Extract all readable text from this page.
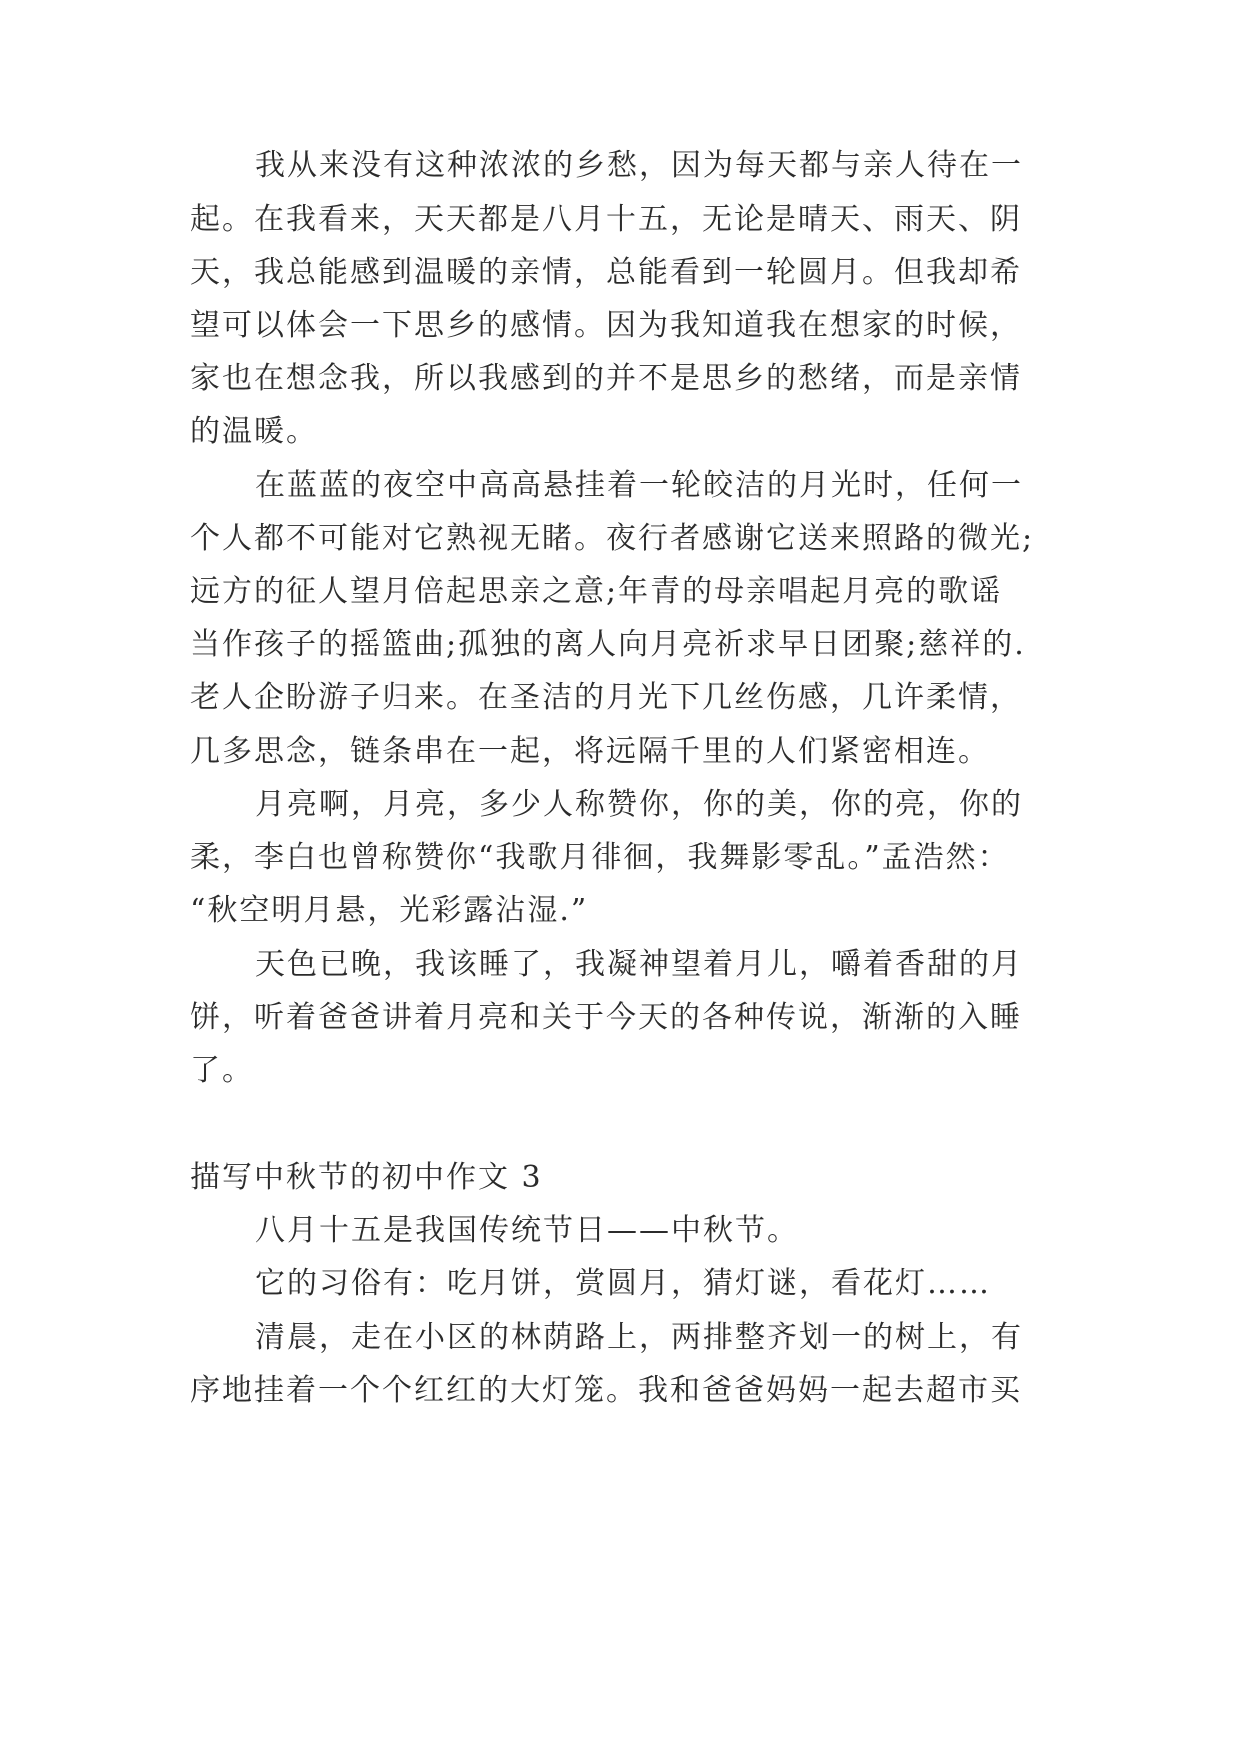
我从来没有这种浓浓的乡愁，因为每天都与亲人待在一
起。在我看来，天天都是八月十五，无论是晴天、雨天、阴
天，我总能感到温暖的亲情，总能看到一轮圆月。但我却希
望可以体会一下思乡的感情。因为我知道我在想家的时候，
家也在想念我，所以我感到的并不是思乡的愁绪，而是亲情
的温暖。
在蓝蓝的夜空中高高悬挂着一轮皎洁的月光时，任何一
个人都不可能对它熟视无睹。夜行者感谢它送来照路的微光;
远方的征人望月倍起思亲之意;年青的母亲唱起月亮的歌谣
当作孩子的摇篮曲;孤独的离人向月亮祈求早日团聚;慈祥的.
老人企盼游子归来。在圣洁的月光下几丝伤感，几许柔情，
几多思念，链条串在一起，将远隔千里的人们紧密相连。
月亮啊，月亮，多少人称赞你，你的美，你的亮，你的
柔，李白也曾称赞你“我歌月徘徊，我舞影零乱。”孟浩然：
“秋空明月悬，光彩露沾湿.”
天色已晚，我该睡了，我凝神望着月儿，嚼着香甜的月
饼，听着爸爸讲着月亮和关于今天的各种传说，渐渐的入睡
了。
描写中秋节的初中作文 3
八月十五是我国传统节日——中秋节。
它的习俗有：吃月饼，赏圆月，猜灯谜，看花灯……
清晨，走在小区的林荫路上，两排整齐划一的树上，有
序地挂着一个个红红的大灯笼。我和爸爸妈妈一起去超市买
